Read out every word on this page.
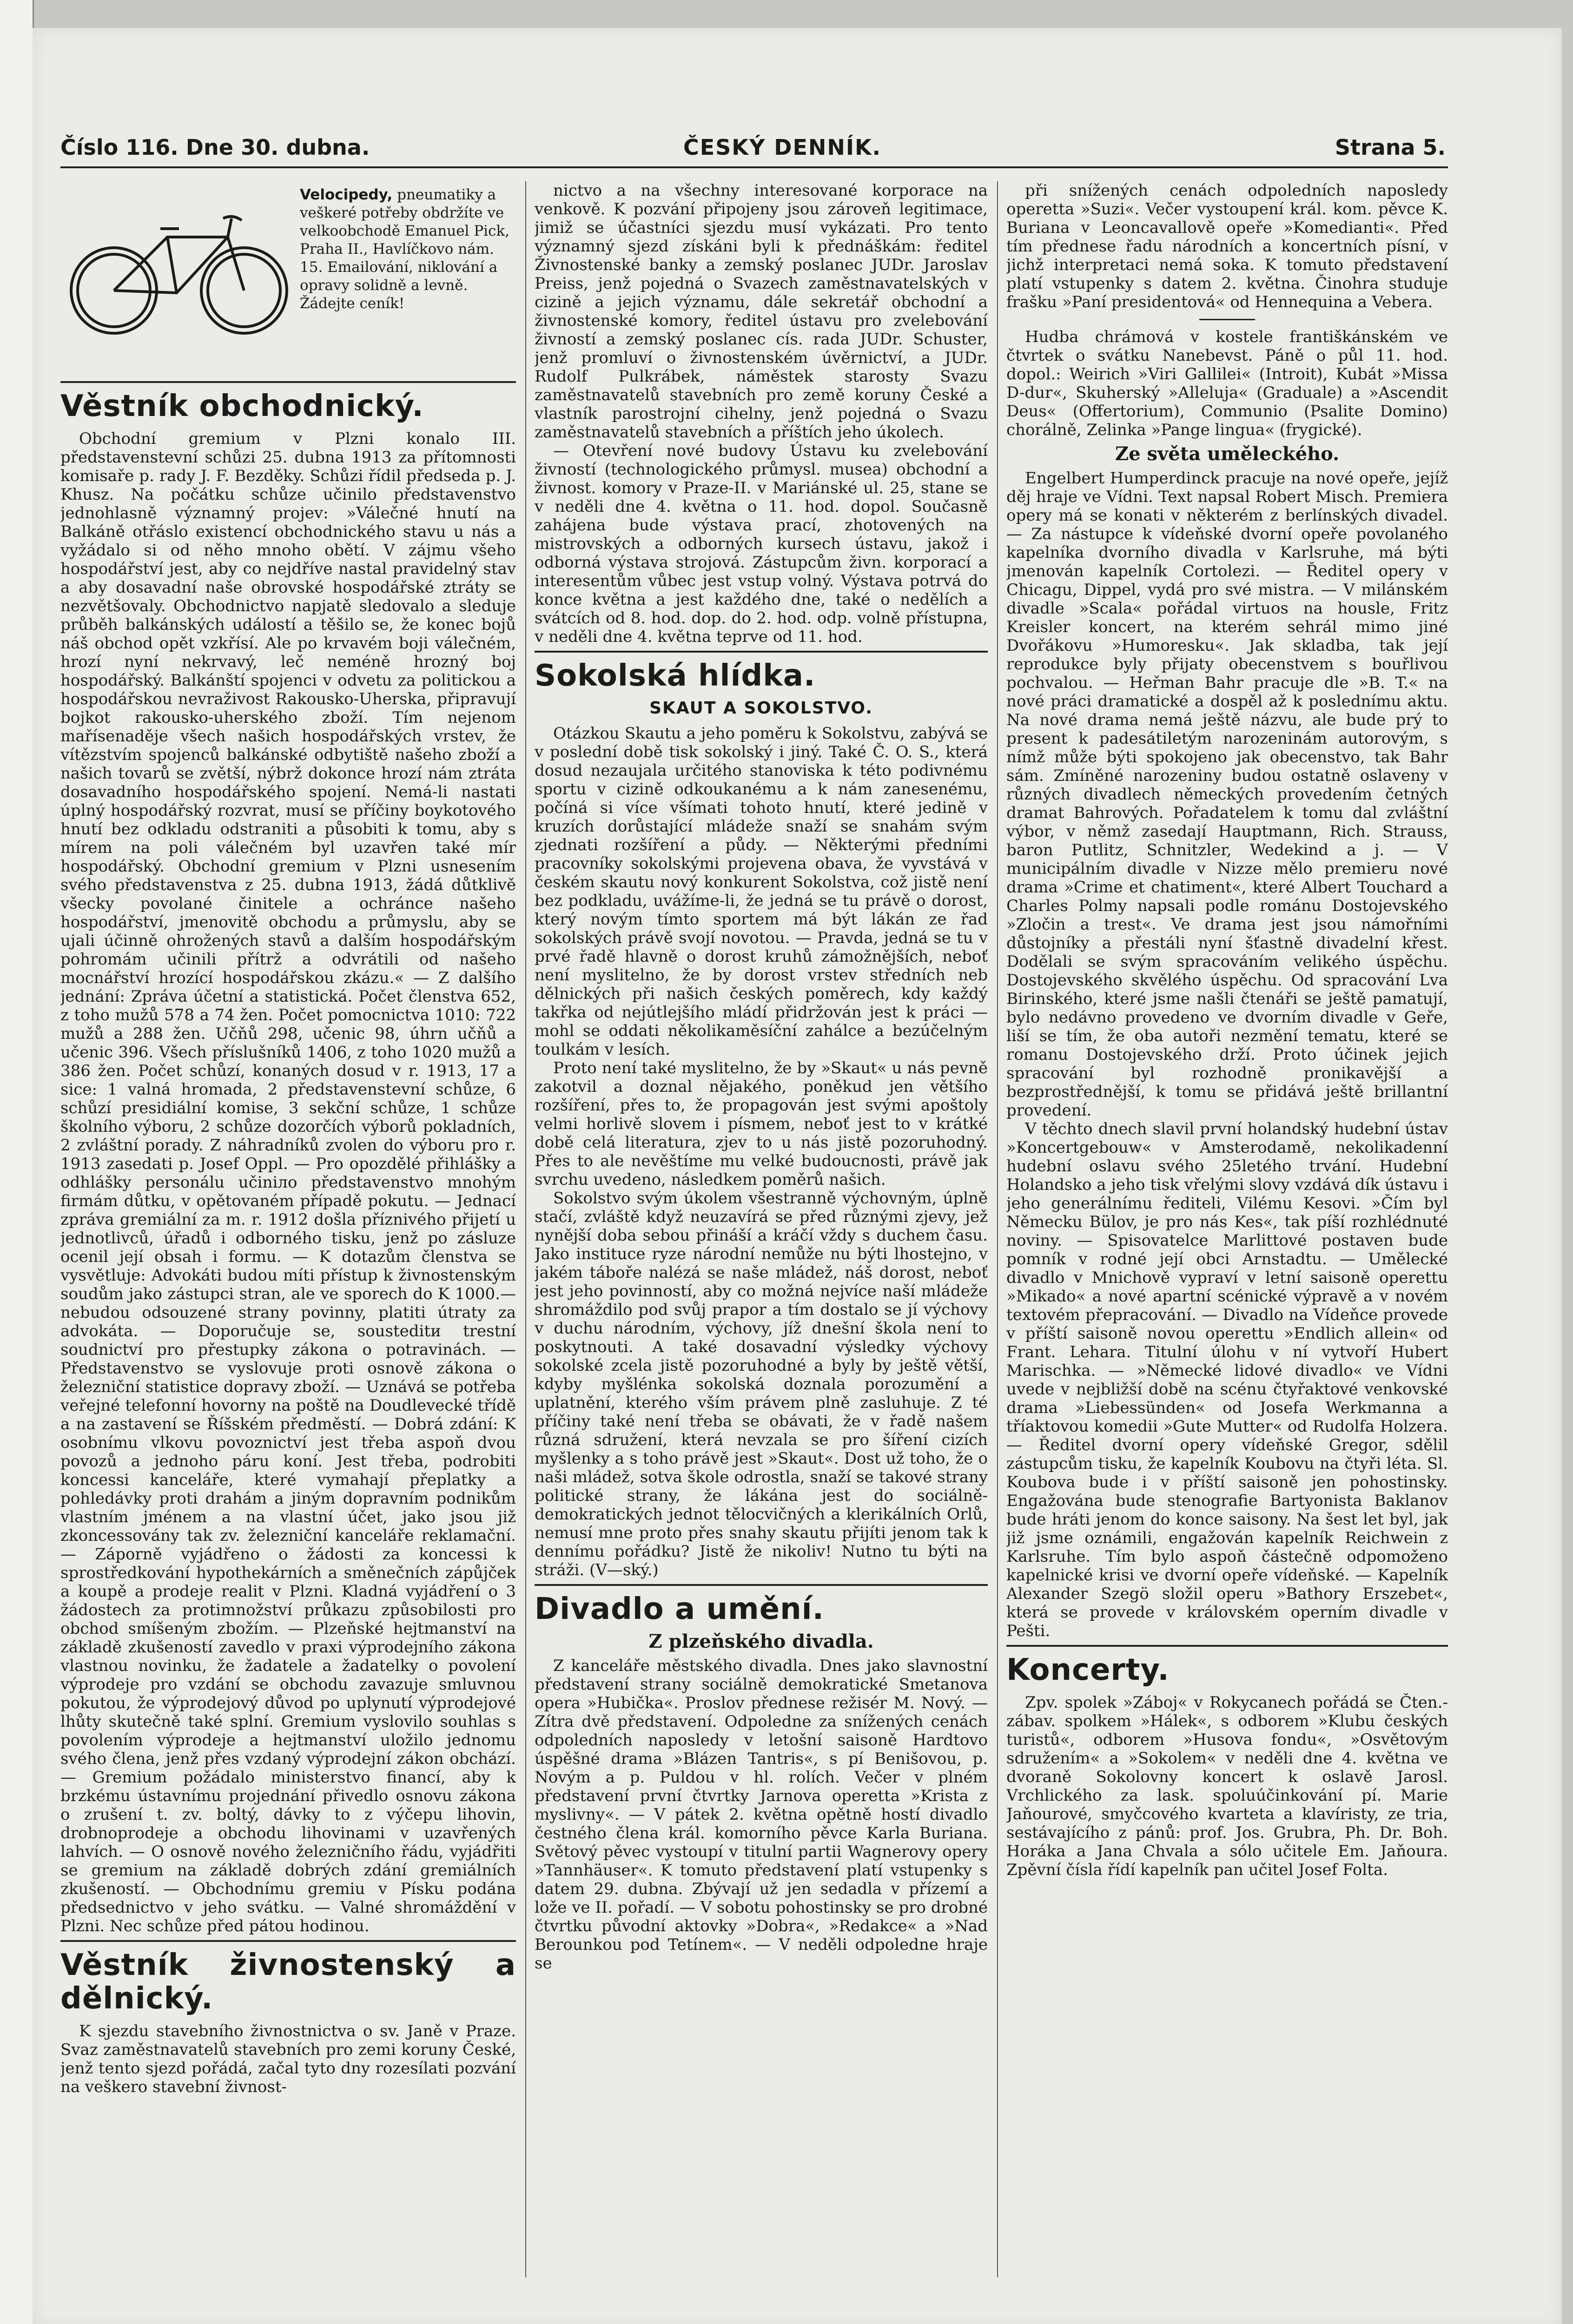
Číslo 116. Dne 30. dubna.	ČESKÝ DENNÍK.	Strana 5.
Velocipedy, pneumatiky a veškeré potřeby obdržíte ve velkoobchodě Emanuel Pick, Praha II., Havlíčkovo nám. 15. Emailování, niklování a opravy solidně a levně. Žádejte ceník!
Věstník obchodnický.

Obchodní gremium v Plzni konalo III. představenstevní schůzi 25. dubna 1913 za přítomnosti komisaře p. rady J. F. Bezděky. Schůzi řídil předseda p. J. Khusz. Na počátku schůze učinilo představenstvo jednohlasně významný projev: »Válečné hnutí na Balkáně otřáslo existencí obchodnického stavu u nás a vyžádalo si od něho mnoho obětí. V zájmu všeho hospodářství jest, aby co nejdříve nastal pravidelný stav a aby dosavadní naše obrovské hospodářské ztráty se nezvětšovaly. Obchodnictvo napjatě sledovalo a sleduje průběh balkánských událostí a těšilo se, že konec bojů náš obchod opět vzkřísí. Ale po krvavém boji válečném, hrozí nyní nekrvavý, leč neméně hrozný boj hospodářský. Balkánští spojenci v odvetu za politickou a hospodářskou nevraživost Rakousko-Uherska, připravují bojkot rakousko-uherského zboží. Tím nejenom mařísenaděje všech našich hospodářských vrstev, že vítězstvím spojenců balkánské odbytiště našeho zboží a našich tovarů se zvětší, nýbrž dokonce hrozí nám ztráta dosavadního hospodářského spojení. Nemá-li nastati úplný hospodářský rozvrat, musí se příčiny boykotového hnutí bez odkladu odstraniti a působiti k tomu, aby s mírem na poli válečném byl uzavřen také mír hospodářský. Obchodní gremium v Plzni usnesením svého představenstva z 25. dubna 1913, žádá důtklivě všecky povolané činitele a ochránce našeho hospodářství, jmenovitě obchodu a průmyslu, aby se ujali účinně ohrožených stavů a dalším hospodářským pohromám učinili přítrž a odvrátili od našeho mocnářství hrozící hospodářskou zkázu.« — Z dalšího jednání: Zpráva účetní a statistická. Počet členstva 652, z toho mužů 578 a 74 žen. Počet pomocnictva 1010: 722 mužů a 288 žen. Učňů 298, učenic 98, úhrn učňů a učenic 396. Všech příslušníků 1406, z toho 1020 mužů a 386 žen. Počet schůzí, konaných dosud v r. 1913, 17 a sice: 1 valná hromada, 2 představenstevní schůze, 6 schůzí presidiální komise, 3 sekční schůze, 1 schůze školního výboru, 2 schůze dozorčích výborů pokladních, 2 zvláštní porady. Z náhradníků zvolen do výboru pro r. 1913 zasedati p. Josef Oppl. — Pro opozdělé přihlášky a odhlášky personálu učiniло představenstvo mnohým firmám důtku, v opětovaném případě pokutu. — Jednací zpráva gremiální za m. r. 1912 došla příznivého přijetí u jednotlivců, úřadů i odborného tisku, jenž po zásluze ocenil její obsah i formu. — K dotazům členstva se vysvětluje: Advokáti budou míti přístup k živnostenským soudům jako zástupci stran, ale ve sporech do K 1000.— nebudou odsouzené strany povinny, platiti útraty za advokáta. — Doporučuje se, sousteditи trestní soudnictví pro přestupky zákona o potravinách. — Představenstvo se vyslovuje proti osnově zákona o železniční statistice dopravy zboží. — Uznává se potřeba veřejné telefonní hovorny na poště na Doudlevecké třídě a na zastavení se Říšském předměstí. — Dobrá zdání: K osobnímu vlkovu povoznictví jest třeba aspoň dvou povozů a jednoho páru koní. Jest třeba, podrobiti koncessi kanceláře, které vymahají přeplatky a pohledávky proti drahám a jiným dopravním podnikům vlastním jménem a na vlastní účet, jako jsou již zkoncessovány tak zv. železniční kanceláře reklamační. — Záporně vyjádřeno o žádosti za koncessi k sprostředkování hypothekárních a směnečních zápůjček a koupě a prodeje realit v Plzni. Kladná vyjádření o 3 žádostech za protimnožství průkazu způsobilosti pro obchod smíšeným zbožím. — Plzeňské hejtmanství na základě zkušeností zavedlo v praxi výprodejního zákona vlastnou novinku, že žadatele a žadatelky o povolení výprodeje pro vzdání se obchodu zavazuje smluvnou pokutou, že výprodejový důvod po uplynutí výprodejové lhůty skutečně také splní. Gremium vyslovilo souhlas s povolením výprodeje a hejtmanství uložilo jednomu svého člena, jenž přes vzdaný výprodejní zákon obchází. — Gremium požádalo ministerstvo financí, aby k brzkému ústavnímu projednání přivedlo osnovu zákona o zrušení t. zv. boltý, dávky to z výčepu lihovin, drobnoprodeje a obchodu lihovinami v uzavřených lahvích. — O osnově nového železničního řádu, vyjádřiti se gremium na základě dobrých zdání gremiálních zkušeností. — Obchodnímu gremiu v Písku podána předsednictvo v jeho svátku. — Valné shromáždění v Plzni. Nec schůze před pátou hodinou.

Věstník živnostenský a dělnický.

K sjezdu stavebního živnostnictva o sv. Janě v Praze. Svaz zaměstnavatelů stavebních pro zemi koruny České, jenž tento sjezd pořádá, začal tyto dny rozesílati pozvání na veškero stavební živnost-

nictvo a na všechny interesované korporace na venkově. K pozvání připojeny jsou zároveň legitimace, jimiž se účastníci sjezdu musí vykázati. Pro tento významný sjezd získáni byli k přednáškám: ředitel Živnostenské banky a zemský poslanec JUDr. Jaroslav Preiss, jenž pojedná o Svazech zaměstnavatelských v cizině a jejich významu, dále sekretář obchodní a živnostenské komory, ředitel ústavu pro zvelebování živností a zemský poslanec cís. rada JUDr. Schuster, jenž promluví o živnostenském úvěrnictví, a JUDr. Rudolf Pulkrábek, náměstek starosty Svazu zaměstnavatelů stavebních pro země koruny České a vlastník parostrojní cihelny, jenž pojedná o Svazu zaměstnavatelů stavebních a příštích jeho úkolech.

— Otevření nové budovy Ústavu ku zvelebování živností (technologického průmysl. musea) obchodní a živnost. komory v Praze-II. v Mariánské ul. 25, stane se v neděli dne 4. května o 11. hod. dopol. Současně zahájena bude výstava prací, zhotovených na mistrovských a odborných kursech ústavu, jakož i odborná výstava strojová. Zástupcům živn. korporací a interesentům vůbec jest vstup volný. Výstava potrvá do konce května a jest každého dne, také o nedělích a svátcích od 8. hod. dop. do 2. hod. odp. volně přístupna, v neděli dne 4. května teprve od 11. hod.

Sokolská hlídka.
SKAUT A SOKOLSTVO.

Otázkou Skautu a jeho poměru k Sokolstvu, zabývá se v poslední době tisk sokolský i jiný. Také Č. O. S., která dosud nezaujala určitého stanoviska k této podivnému sportu v cizině odkoukanému a k nám zanesenému, počíná si více všímati tohoto hnutí, které jedině v kruzích dorůstající mládeže snaží se snahám svým zjednati rozšíření a půdy. — Některými předními pracovníky sokolskými projevena obava, že vyvstává v českém skautu nový konkurent Sokolstva, což jistě není bez podkladu, uvážíme-li, že jedná se tu právě o dorost, který novým tímto sportem má být lákán ze řad sokolských právě svojí novotou. — Pravda, jedná se tu v prvé řadě hlavně o dorost kruhů zámožnějších, neboť není myslitelno, že by dorost vrstev středních neb dělnických při našich českých poměrech, kdy každý takřka od nejútlejšího mládí přidržován jest k práci — mohl se oddati několikaměsíční zahálce a bezúčelným toulkám v lesích.

Proto není také myslitelno, že by »Skaut« u nás pevně zakotvil a doznal nějakého, poněkud jen většího rozšíření, přes to, že propagován jest svými apoštoly velmi horlivě slovem i písmem, neboť jest to v krátké době celá literatura, zjev to u nás jistě pozoruhodný. Přes to ale nevěštíme mu velké budoucnosti, právě jak svrchu uvedeno, následkem poměrů našich.

Sokolstvo svým úkolem všestranně výchovným, úplně stačí, zvláště když neuzavírá se před různými zjevy, jež nynější doba sebou přináší a kráčí vždy s duchem času. Jako instituce ryze národní nemůže nu býti lhostejno, v jakém táboře nalézá se naše mládež, náš dorost, neboť jest jeho povinností, aby co možná nejvíce naší mládeže shromáždilo pod svůj prapor a tím dostalo se jí výchovy v duchu národním, výchovy, jíž dnešní škola není to poskytnouti. A také dosavadní výsledky výchovy sokolské zcela jistě pozoruhodné a byly by ještě větší, kdyby myšlénka sokolská doznala porozumění a uplatnění, kterého vším právem plně zasluhuje. Z té příčiny také není třeba se obávati, že v řadě našem různá sdružení, která nevzala se pro šíření cizích myšlenky a s toho právě jest »Skaut«. Dost už toho, že o naši mládež, sotva škole odrostla, snaží se takové strany politické strany, že lákána jest do sociálně-demokratických jednot tělocvičných a klerikálních Orlů, nemusí mne proto přes snahy skautu přijíti jenom tak k dennímu pořádku? Jistě že nikoliv! Nutno tu býti na stráži. (V—ský.)

Divadlo a umění.
Z plzeňského divadla.

Z kanceláře městského divadla. Dnes jako slavnostní představení strany sociálně demokratické Smetanova opera »Hubička«. Proslov přednese režisér M. Nový. — Zítra dvě představení. Odpoledne za snížených cenách odpoledních naposledy v letošní saisoně Hardtovo úspěšné drama »Blázen Tantris«, s pí Benišovou, p. Novým a p. Puldou v hl. rolích. Večer v plném představení první čtvrtky Jarnova operetta »Krista z myslivny«. — V pátek 2. května opětně hostí divadlo čestného člena král. komorního pěvce Karla Buriana. Světový pěvec vystoupí v titulní partii Wagnerovy opery »Tannhäuser«. K tomuto představení platí vstupenky s datem 29. dubna. Zbývají už jen sedadla v přízemí a lože ve II. pořadí. — V sobotu pohostinsky se pro drobné čtvrtku původní aktovky »Dobra«, »Redakce« a »Nad Berounkou pod Tetínem«. — V neděli odpoledne hraje se

při snížených cenách odpoledních naposledy operetta »Suzi«. Večer vystoupení král. kom. pěvce K. Buriana v Leoncavallově opeře »Komedianti«. Před tím přednese řadu národních a koncertních písní, v jichž interpretaci nemá soka. K tomuto představení platí vstupenky s datem 2. května. Činohra studuje frašku »Paní presidentová« od Hennequina a Vebera.

Hudba chrámová v kostele františkánském ve čtvrtek o svátku Nanebevst. Páně o půl 11. hod. dopol.: Weirich »Viri Gallilei« (Introit), Kubát »Missa D-dur«, Skuherský »Alleluja« (Graduale) a »Ascendit Deus« (Offertorium), Communio (Psalite Domino) chorálně, Zelinka »Pange lingua« (frygické).

Ze světa uměleckého.

Engelbert Humperdinck pracuje na nové opeře, jejíž děj hraje ve Vídni. Text napsal Robert Misch. Premiera opery má se konati v některém z berlínských divadel. — Za nástupce k vídeňské dvorní opeře povolaného kapelníka dvorního divadla v Karlsruhe, má býti jmenován kapelník Cortolezi. — Ředitel opery v Chicagu, Dippel, vydá pro své mistra. — V milánském divadle »Scala« pořádal virtuos na housle, Fritz Kreisler koncert, na kterém sehrál mimo jiné Dvořákovu »Humoresku«. Jak skladba, tak její reprodukce byly přijaty obecenstvem s bouřlivou pochvalou. — Heřman Bahr pracuje dle »B. T.« na nové práci dramatické a dospěl až k poslednímu aktu. Na nové drama nemá ještě názvu, ale bude prý to present k padesátiletým narozeninám autorovým, s nímž může býti spokojeno jak obecenstvo, tak Bahr sám. Zmíněné narozeniny budou ostatně oslaveny v různých divadlech německých provedením četných dramat Bahrových. Pořadatelem k tomu dal zvláštní výbor, v němž zasedají Hauptmann, Rich. Strauss, baron Putlitz, Schnitzler, Wedekind a j. — V municipálním divadle v Nizze mělo premieru nové drama »Crime et chatiment«, které Albert Touchard a Charles Polmy napsali podle románu Dostojevského »Zločin a trest«. Ve drama jest jsou námořními důstojníky a přestáli nyní šťastně divadelní křest. Dodělali se svým spracováním velikého úspěchu. Dostojevského skvělého úspěchu. Od spracování Lva Birinského, které jsme našli čtenáři se ještě pamatují, bylo nedávno provedeno ve dvorním divadle v Geře, liší se tím, že oba autoři nezmění tematu, které se romanu Dostojevského drží. Proto účinek jejich spracování byl rozhodně pronikavější a bezprostřednější, k tomu se přidává ještě brillantní provedení.

V těchto dnech slavil první holandský hudební ústav »Koncertgebouw« v Amsterodamě, nekolikadenní hudební oslavu svého 25letého trvání. Hudební Holandsko a jeho tisk vřelými slovy vzdává dík ústavu i jeho generálnímu řediteli, Vilému Kesovi. »Čím byl Německu Bülov, je pro nás Kes«, tak píší rozhlédnuté noviny. — Spisovatelce Marlittové postaven bude pomník v rodné její obci Arnstadtu. — Umělecké divadlo v Mnichově vypraví v letní saisoně operettu »Mikado« a nové apartní scénické výpravě a v novém textovém přepracování. — Divadlo na Vídeňce provede v příští saisoně novou operettu »Endlich allein« od Frant. Lehara. Titulní úlohu v ní vytvoří Hubert Marischka. — »Německé lidové divadlo« ve Vídni uvede v nejbližší době na scénu čtyřaktové venkovské drama »Liebessünden« od Josefa Werkmanna a tříaktovou komedii »Gute Mutter« od Rudolfa Holzera. — Ředitel dvorní opery vídeňské Gregor, sdělil zástupcům tisku, že kapelník Koubovu na čtyři léta. Sl. Koubova bude i v příští saisoně jen pohostinsky. Engažována bude stenografie Bartyonista Baklanov bude hráti jenom do konce saisony. Na šest let byl, jak již jsme oznámili, engažován kapelník Reichwein z Karlsruhe. Tím bylo aspoň částečně odpomoženo kapelnické krisi ve dvorní opeře vídeňské. — Kapelník Alexander Szegö složil operu »Bathory Erszebet«, která se provede v královském operním divadle v Pešti.

Koncerty.

Zpv. spolek »Záboj« v Rokycanech pořádá se Čten.-zábav. spolkem »Hálek«, s odborem »Klubu českých turistů«, odborem »Husova fondu«, »Osvětovým sdružením« a »Sokolem« v neděli dne 4. května ve dvoraně Sokolovny koncert k oslavě Jarosl. Vrchlického za lask. spoluúčinkování pí. Marie Jaňourové, smyčcového kvarteta a klavíristy, ze tria, sestávajícího z pánů: prof. Jos. Grubra, Ph. Dr. Boh. Horáka a Jana Chvala a sólo učitele Em. Jaňoura. Zpěvní čísla řídí kapelník pan učitel Josef Folta.
